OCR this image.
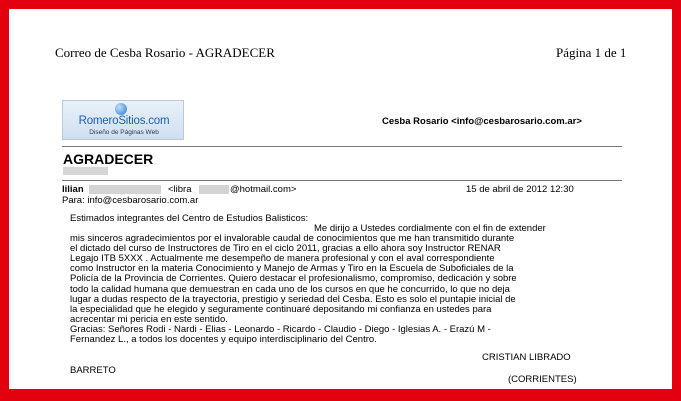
Correo de Cesba Rosario - AGRADECER	Página 1 de 1
RomeroSitios.com
Diseño de Páginas Web
Cesba Rosario <info@cesbarosario.com.ar>
AGRADECER
lilian	<libra	@hotmail.com>	15 de abril de 2012 12:30
Para: info@cesbarosario.com.ar
Estimados integrantes del Centro de Estudios Balisticos:
Me dirijo a Ustedes cordialmente con el fin de extender
mis sinceros agradecimientos por el invalorable caudal de conocimientos que me han transmitido durante
el dictado del curso de Instructores de Tiro en el ciclo 2011, gracias a ello ahora soy Instructor RENAR
Legajo ITB 5XXX . Actualmente me desempeño de manera profesional y con el aval correspondiente
como Instructor en la materia Conocimiento y Manejo de Armas y Tiro en la Escuela de Suboficiales de la
Policía de la Provincia de Corrientes. Quiero destacar el profesionalismo, compromiso, dedicación y sobre
todo la calidad humana que demuestran en cada uno de los cursos en que he concurrido, lo que no deja
lugar a dudas respecto de la trayectoria, prestigio y seriedad del Cesba. Esto es solo el puntapie inicial de
la especialidad que he elegido y seguramente continuaré depositando mi confianza en ustedes para
acrecentar mi pericia en este sentido.
Gracias: Señores Rodi - Nardi - Elias - Leonardo - Ricardo - Claudio - Diego - Iglesias A. - Erazú M -
Fernandez L., a todos los docentes y equipo interdisciplinario del Centro.
CRISTIAN LIBRADO
BARRETO
(CORRIENTES)
